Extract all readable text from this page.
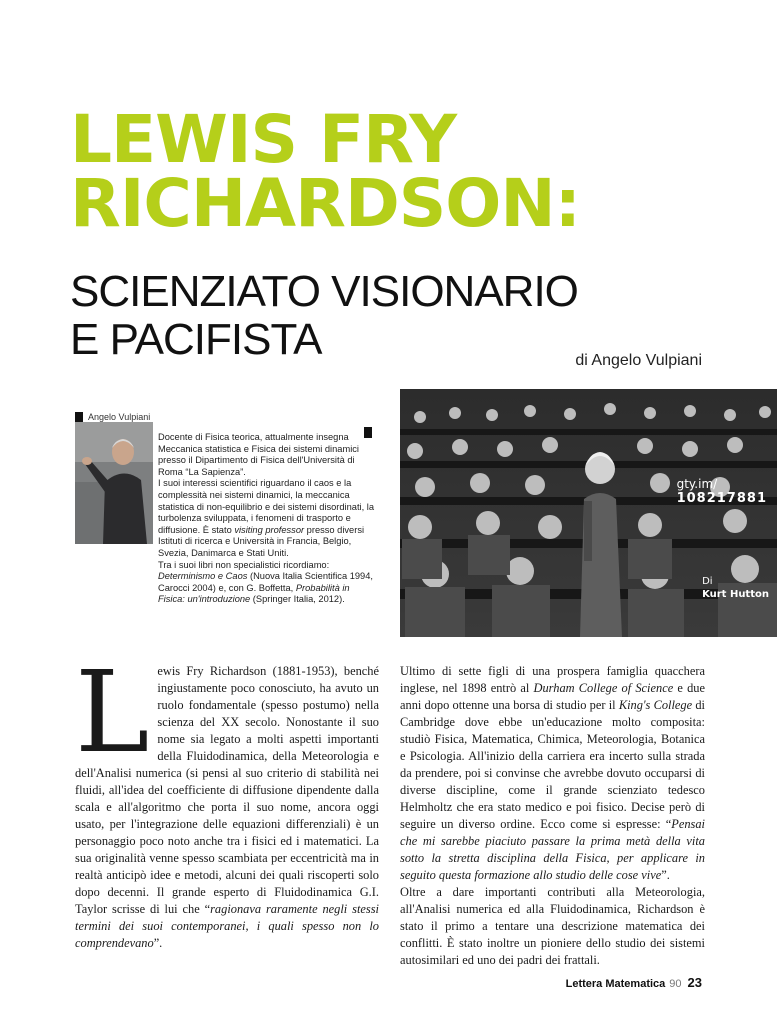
LEWIS FRY
RICHARDSON:
SCIENZIATO VISIONARIO
E PACIFISTA	di Angelo Vulpiani
Angelo Vulpiani

Docente di Fisica teorica, attualmente insegna Meccanica statistica e Fisica dei sistemi dinamici presso il Dipartimento di Fisica dell'Università di Roma “La Sapienza”.

I suoi interessi scientifici riguardano il caos e la complessità nei sistemi dinamici, la meccanica statistica di non-equilibrio e dei sistemi disordinati, la turbolenza sviluppata, i fenomeni di trasporto e diffusione. È stato visiting professor presso diversi Istituti di ricerca e Università in Francia, Belgio, Svezia, Danimarca e Stati Uniti.

Tra i suoi libri non specialistici ricordiamo: Determinismo e Caos (Nuova Italia Scientifica 1994, Carocci 2004) e, con G. Boffetta, Probabilità in Fisica: un'introduzione (Springer Italia, 2012).

gty.im/
108217881
Di
Kurt Hutton

Lewis Fry Richardson (1881-1953), benché ingiustamente poco conosciuto, ha avuto un ruolo fondamentale (spesso postumo) nella scienza del XX secolo. Nonostante il suo nome sia legato a molti aspetti importanti della Fluidodinamica, della Meteorologia e dell'Analisi numerica (si pensi al suo criterio di stabilità nei fluidi, all'idea del coefficiente di diffusione dipendente dalla scala e all'algoritmo che porta il suo nome, ancora oggi usato, per l'integrazione delle equazioni differenziali) è un personaggio poco noto anche tra i fisici ed i matematici. La sua originalità venne spesso scambiata per eccentricità ma in realtà anticipò idee e metodi, alcuni dei quali riscoperti solo dopo decenni. Il grande esperto di Fluidodinamica G.I. Taylor scrisse di lui che “ragionava raramente negli stessi termini dei suoi contemporanei, i quali spesso non lo comprendevano”.

Ultimo di sette figli di una prospera famiglia quacchera inglese, nel 1898 entrò al Durham College of Science e due anni dopo ottenne una borsa di studio per il King's College di Cambridge dove ebbe un'educazione molto composita: studiò Fisica, Matematica, Chimica, Meteorologia, Botanica e Psicologia. All'inizio della carriera era incerto sulla strada da prendere, poi si convinse che avrebbe dovuto occuparsi di diverse discipline, come il grande scienziato tedesco Helmholtz che era stato medico e poi fisico. Decise però di seguire un diverso ordine. Ecco come si espresse: “Pensai che mi sarebbe piaciuto passare la prima metà della vita sotto la stretta disciplina della Fisica, per applicare in seguito questa formazione allo studio delle cose vive”.

Oltre a dare importanti contributi alla Meteorologia, all'Analisi numerica ed alla Fluidodinamica, Richardson è stato il primo a tentare una descrizione matematica dei conflitti. È stato inoltre un pioniere dello studio dei sistemi autosimilari ed uno dei padri dei frattali.

Lettera Matematica 90 23
